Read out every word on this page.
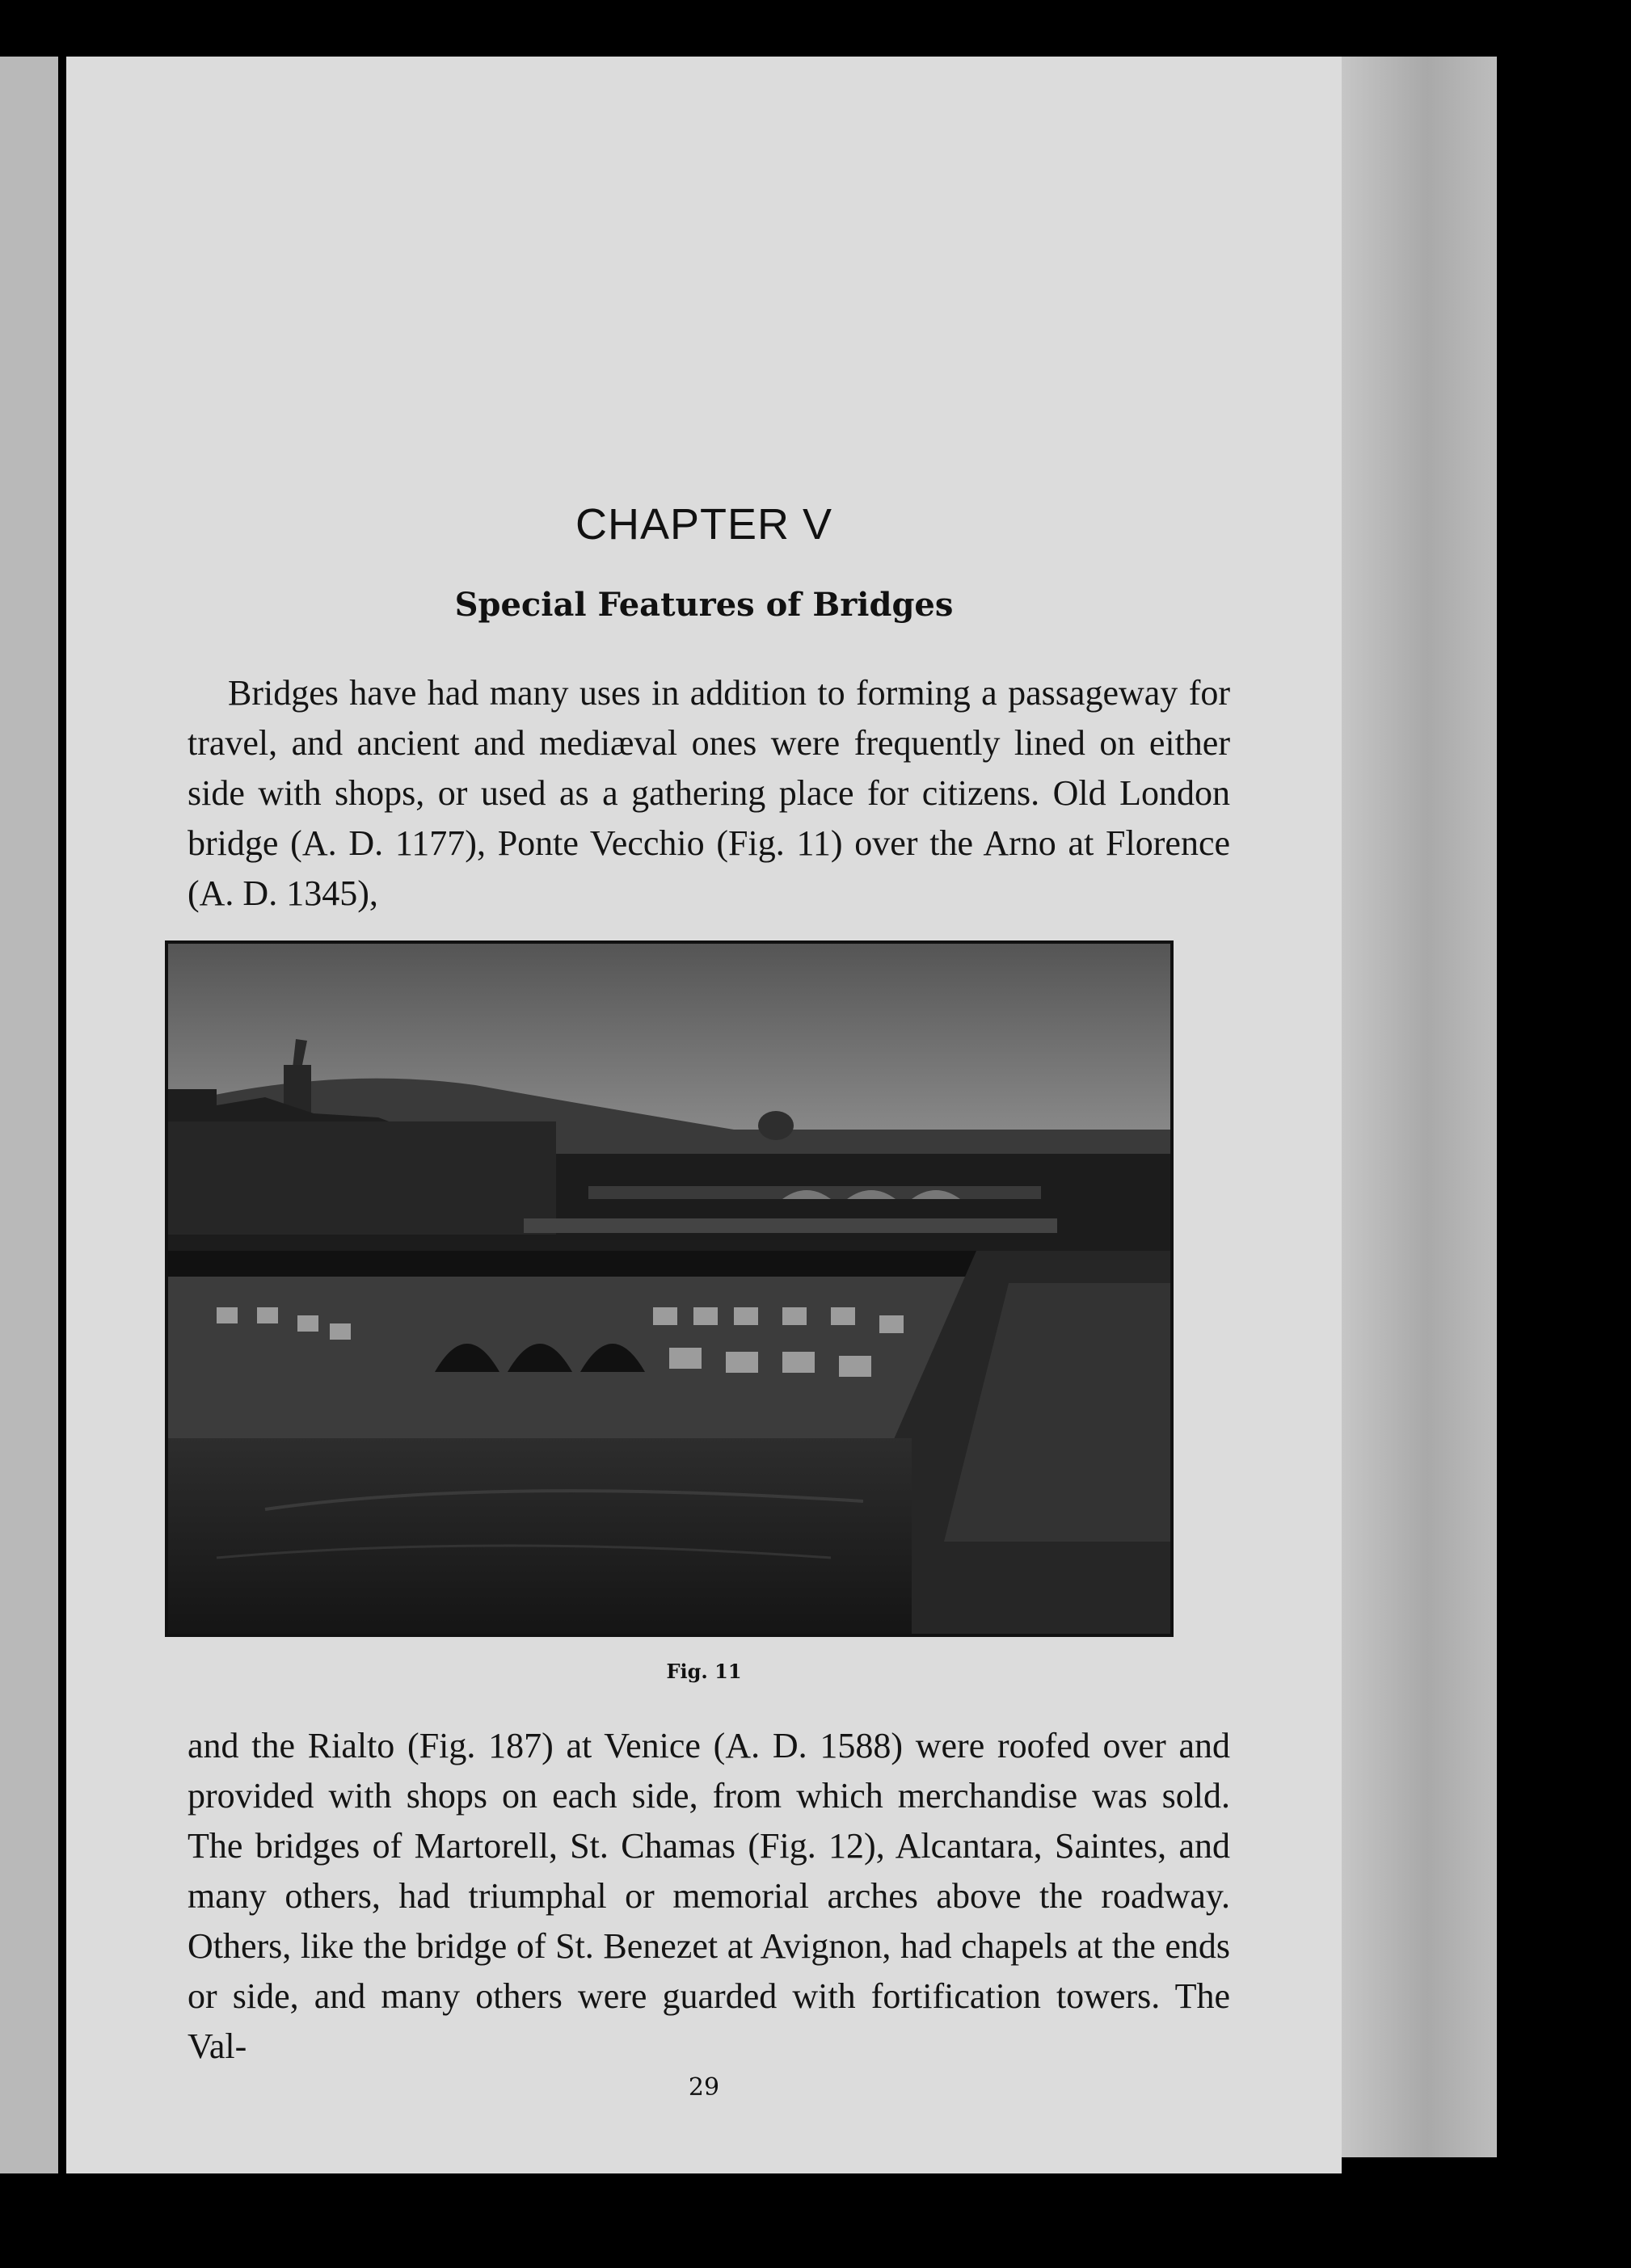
CHAPTER V
Special Features of Bridges

Bridges have had many uses in addition to forming a passageway for travel, and ancient and mediæval ones were frequently lined on either side with shops, or used as a gathering place for citizens. Old London bridge (A. D. 1177), Ponte Vecchio (Fig. 11) over the Arno at Florence (A. D. 1345),

Fig. 11

and the Rialto (Fig. 187) at Venice (A. D. 1588) were roofed over and provided with shops on each side, from which merchandise was sold. The bridges of Martorell, St. Chamas (Fig. 12), Alcantara, Saintes, and many others, had triumphal or memorial arches above the roadway. Others, like the bridge of St. Benezet at Avignon, had chapels at the ends or side, and many others were guarded with fortification towers. The Val-

29
